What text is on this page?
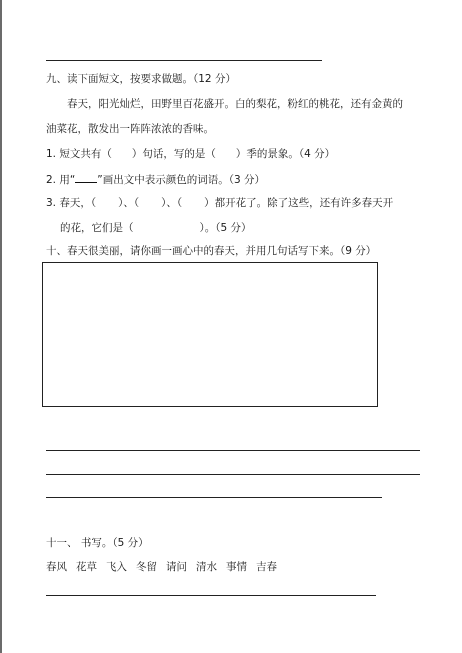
九、读下面短文，按要求做题。（12 分）
春天，阳光灿烂，田野里百花盛开。白的梨花，粉红的桃花，还有金黄的
油菜花，散发出一阵阵浓浓的香味。
1. 短文共有（ ）句话，写的是（ ）季的景象。（4 分）
2. 用“ ”画出文中表示颜色的词语。（3 分）
3. 春天，（ ）、（ ）、（ ）都开花了。除了这些，还有许多春天开
的花，它们是（	）。（5 分）
十、春天很美丽，请你画一画心中的春天，并用几句话写下来。（9 分）
十一、 书写。（5 分）
春风 花草 飞入 冬留 请问 清水 事情 吉春
